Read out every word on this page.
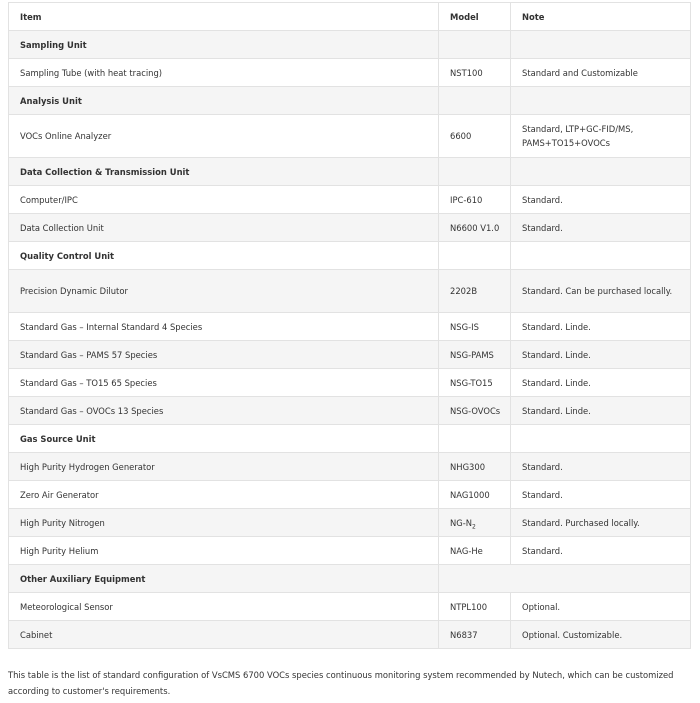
Item	Model	Note
Sampling Unit		
Sampling Tube (with heat tracing)	NST100	Standard and Customizable
Analysis Unit		
VOCs Online Analyzer	6600	Standard, LTP+GC-FID/MS, PAMS+TO15+OVOCs
Data Collection & Transmission Unit		
Computer/IPC	IPC-610	Standard.
Data Collection Unit	N6600 V1.0	Standard.
Quality Control Unit		
Precision Dynamic Dilutor	2202B	Standard. Can be purchased locally.
Standard Gas – Internal Standard 4 Species	NSG-IS	Standard. Linde.
Standard Gas – PAMS 57 Species	NSG-PAMS	Standard. Linde.
Standard Gas – TO15 65 Species	NSG-TO15	Standard. Linde.
Standard Gas – OVOCs 13 Species	NSG-OVOCs	Standard. Linde.
Gas Source Unit		
High Purity Hydrogen Generator	NHG300	Standard.
Zero Air Generator	NAG1000	Standard.
High Purity Nitrogen	$NG-N_2$	Standard. Purchased locally.
High Purity Helium	NAG-He	Standard.
Other Auxiliary Equipment		
Meteorological Sensor	NTPL100	Optional.
Cabinet	N6837	Optional. Customizable.

This table is the list of standard configuration of VsCMS 6700 VOCs species continuous monitoring system recommended by Nutech, which can be customized according to customer's requirements.
